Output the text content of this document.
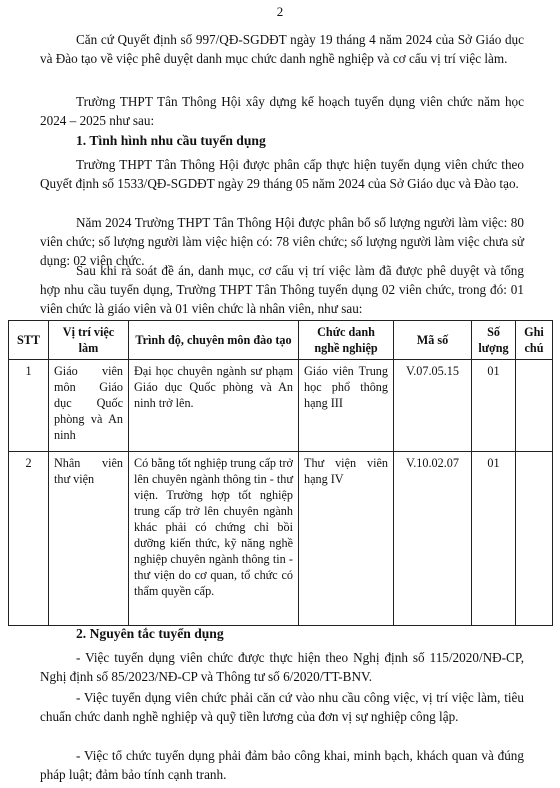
2

Căn cứ Quyết định số 997/QĐ-SGDĐT ngày 19 tháng 4 năm 2024 của Sở Giáo dục và Đào tạo về việc phê duyệt danh mục chức danh nghề nghiệp và cơ cấu vị trí việc làm.

Trường THPT Tân Thông Hội xây dựng kế hoạch tuyển dụng viên chức năm học 2024 – 2025 như sau:

1. Tình hình nhu cầu tuyển dụng

Trường THPT Tân Thông Hội được phân cấp thực hiện tuyển dụng viên chức theo Quyết định số 1533/QĐ-SGDĐT ngày 29 tháng 05 năm 2024 của Sở Giáo dục và Đào tạo.

Năm 2024 Trường THPT Tân Thông Hội được phân bổ số lượng người làm việc: 80 viên chức; số lượng người làm việc hiện có: 78 viên chức; số lượng người làm việc chưa sử dụng: 02 viên chức.

Sau khi rà soát đề án, danh mục, cơ cấu vị trí việc làm đã được phê duyệt và tổng hợp nhu cầu tuyển dụng, Trường THPT Tân Thông tuyển dụng 02 viên chức, trong đó: 01 viên chức là giáo viên và 01 viên chức là nhân viên, như sau:

STT	Vị trí việc làm	Trình độ, chuyên môn đào tạo	Chức danh nghề nghiệp	Mã số	Số lượng	Ghi chú
1	Giáo viên môn Giáo dục Quốc phòng và An ninh	Đại học chuyên ngành sư phạm Giáo dục Quốc phòng và An ninh trở lên.	Giáo viên Trung học phổ thông hạng III	V.07.05.15	01	
2	Nhân viên thư viện	Có bằng tốt nghiệp trung cấp trở lên chuyên ngành thông tin - thư viện. Trường hợp tốt nghiệp trung cấp trở lên chuyên ngành khác phải có chứng chỉ bồi dưỡng kiến thức, kỹ năng nghề nghiệp chuyên ngành thông tin - thư viện do cơ quan, tổ chức có thẩm quyền cấp.	Thư viện viên hạng IV	V.10.02.07	01	

2. Nguyên tắc tuyển dụng

- Việc tuyển dụng viên chức được thực hiện theo Nghị định số 115/2020/NĐ-CP, Nghị định số 85/2023/NĐ-CP và Thông tư số 6/2020/TT-BNV.

- Việc tuyển dụng viên chức phải căn cứ vào nhu cầu công việc, vị trí việc làm, tiêu chuẩn chức danh nghề nghiệp và quỹ tiền lương của đơn vị sự nghiệp công lập.

- Việc tổ chức tuyển dụng phải đảm bảo công khai, minh bạch, khách quan và đúng pháp luật; đảm bảo tính cạnh tranh.
